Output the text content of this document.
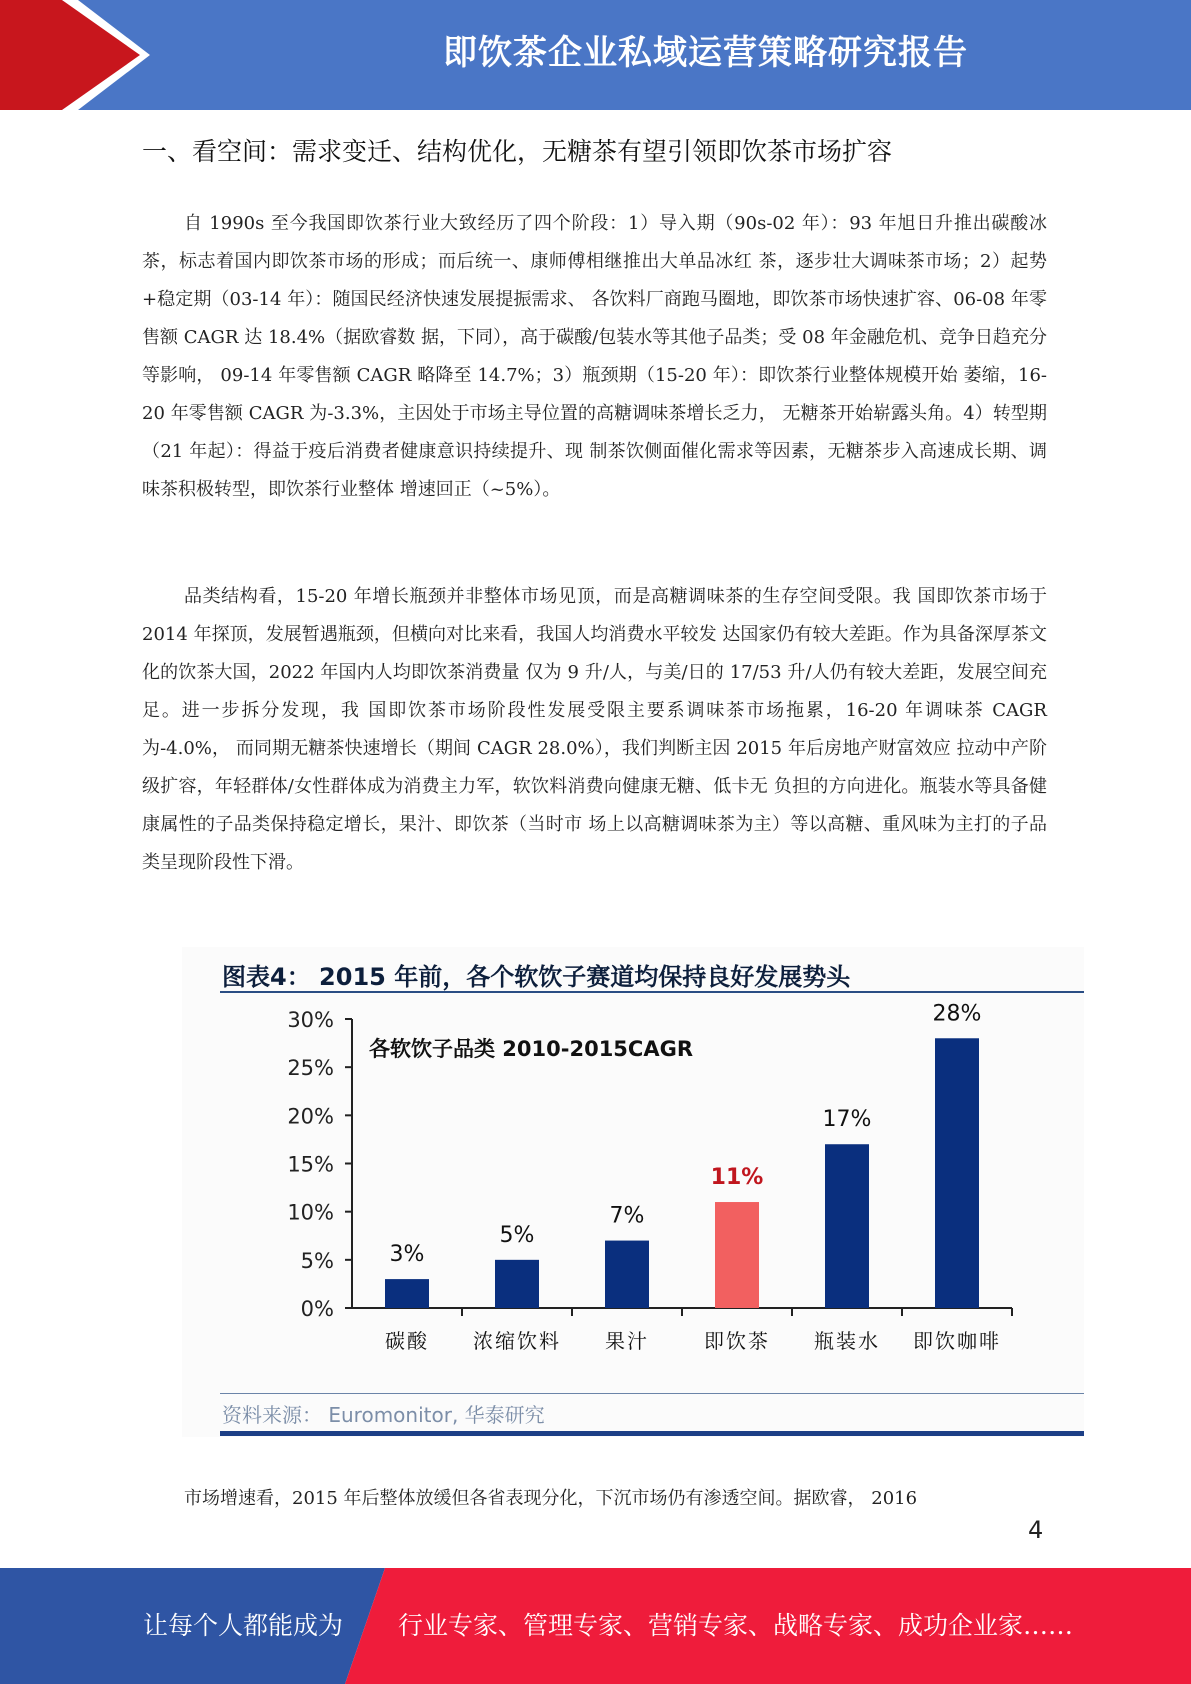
即饮茶企业私域运营策略研究报告
一、看空间：需求变迁、结构优化，无糖茶有望引领即饮茶市场扩容

自 1990s 至今我国即饮茶行业大致经历了四个阶段：1）导入期（90s-02 年）：93 年旭日升推出碳酸冰茶，标志着国内即饮茶市场的形成；而后统一、康师傅相继推出大单品冰红 茶，逐步壮大调味茶市场；2）起势+稳定期（03-14 年）：随国民经济快速发展提振需求、 各饮料厂商跑马圈地，即饮茶市场快速扩容、06-08 年零售额 CAGR 达 18.4%（据欧睿数 据，下同），高于碳酸/包装水等其他子品类；受 08 年金融危机、竞争日趋充分等影响， 09-14 年零售额 CAGR 略降至 14.7%；3）瓶颈期（15-20 年）：即饮茶行业整体规模开始 萎缩，16-20 年零售额 CAGR 为-3.3%，主因处于市场主导位置的高糖调味茶增长乏力， 无糖茶开始崭露头角。4）转型期（21 年起）：得益于疫后消费者健康意识持续提升、现 制茶饮侧面催化需求等因素，无糖茶步入高速成长期、调味茶积极转型，即饮茶行业整体 增速回正（~5%）。

品类结构看，15-20 年增长瓶颈并非整体市场见顶，而是高糖调味茶的生存空间受限。我 国即饮茶市场于 2014 年探顶，发展暂遇瓶颈，但横向对比来看，我国人均消费水平较发 达国家仍有较大差距。作为具备深厚茶文化的饮茶大国，2022 年国内人均即饮茶消费量 仅为 9 升/人，与美/日的 17/53 升/人仍有较大差距，发展空间充足。进一步拆分发现，我 国即饮茶市场阶段性发展受限主要系调味茶市场拖累，16-20 年调味茶 CAGR 为-4.0%， 而同期无糖茶快速增长（期间 CAGR 28.0%），我们判断主因 2015 年后房地产财富效应 拉动中产阶级扩容，年轻群体/女性群体成为消费主力军，软饮料消费向健康无糖、低卡无 负担的方向进化。瓶装水等具备健康属性的子品类保持稳定增长，果汁、即饮茶（当时市 场上以高糖调味茶为主）等以高糖、重风味为主打的子品类呈现阶段性下滑。

图表4： 2015 年前，各个软饮子赛道均保持良好发展势头
0%
5%
10%
15%
20%
25%
30%
各软饮子品类 2010-2015CAGR
3%
碳酸
5%
浓缩饮料
7%
果汁
11%
即饮茶
17%
瓶装水
28%
即饮咖啡
资料来源： Euromonitor, 华泰研究

市场增速看，2015 年后整体放缓但各省表现分化，下沉市场仍有渗透空间。据欧睿， 2016

4
让每个人都能成为 行业专家、管理专家、营销专家、战略专家、成功企业家……
